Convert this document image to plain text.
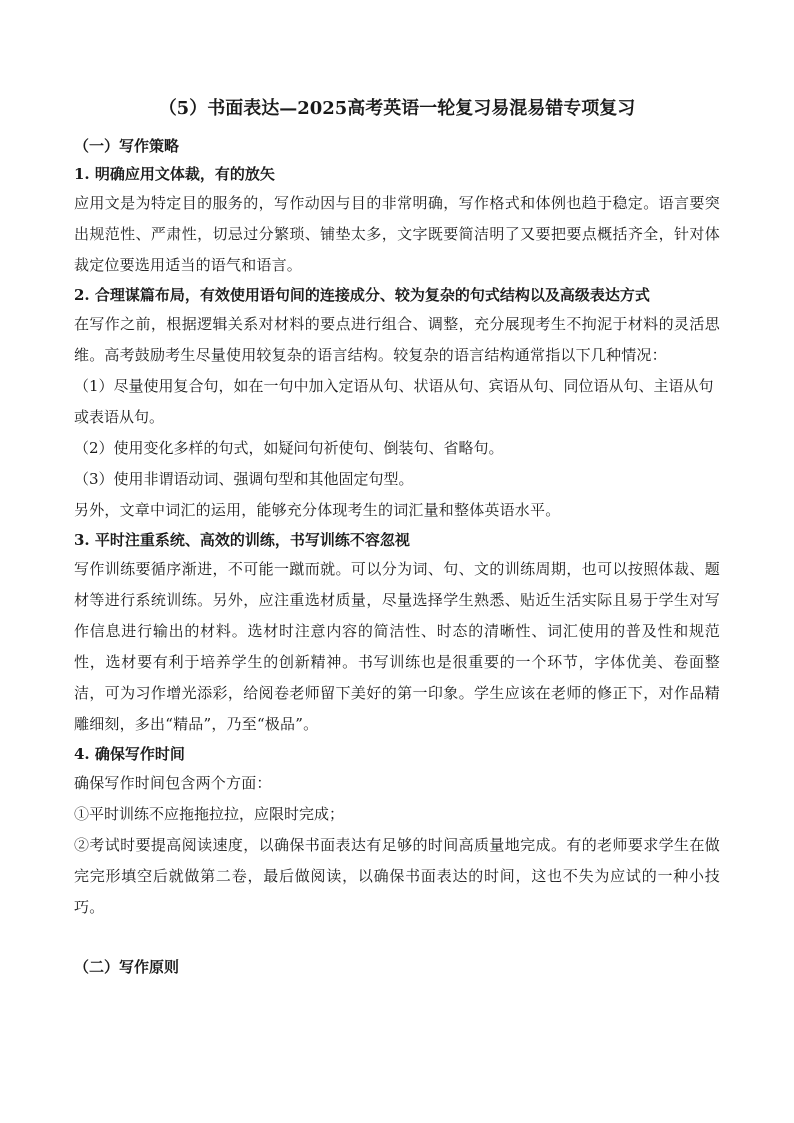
（5）书面表达—2025高考英语一轮复习易混易错专项复习

（一）写作策略

1. 明确应用文体裁，有的放矢

应用文是为特定目的服务的，写作动因与目的非常明确，写作格式和体例也趋于稳定。语言要突出规范性、严肃性，切忌过分繁琐、铺垫太多，文字既要简洁明了又要把要点概括齐全，针对体裁定位要选用适当的语气和语言。

2. 合理谋篇布局，有效使用语句间的连接成分、较为复杂的句式结构以及高级表达方式

在写作之前，根据逻辑关系对材料的要点进行组合、调整，充分展现考生不拘泥于材料的灵活思维。高考鼓励考生尽量使用较复杂的语言结构。较复杂的语言结构通常指以下几种情况：

（1）尽量使用复合句，如在一句中加入定语从句、状语从句、宾语从句、同位语从句、主语从句或表语从句。

（2）使用变化多样的句式，如疑问句祈使句、倒装句、省略句。

（3）使用非谓语动词、强调句型和其他固定句型。

另外，文章中词汇的运用，能够充分体现考生的词汇量和整体英语水平。

3. 平时注重系统、高效的训练，书写训练不容忽视

写作训练要循序渐进，不可能一蹴而就。可以分为词、句、文的训练周期，也可以按照体裁、题材等进行系统训练。另外，应注重选材质量，尽量选择学生熟悉、贴近生活实际且易于学生对写作信息进行输出的材料。选材时注意内容的简洁性、时态的清晰性、词汇使用的普及性和规范性，选材要有利于培养学生的创新精神。书写训练也是很重要的一个环节，字体优美、卷面整洁，可为习作增光添彩，给阅卷老师留下美好的第一印象。学生应该在老师的修正下，对作品精雕细刻，多出“精品”，乃至“极品”。

4. 确保写作时间

确保写作时间包含两个方面：

①平时训练不应拖拖拉拉，应限时完成；

②考试时要提高阅读速度，以确保书面表达有足够的时间高质量地完成。有的老师要求学生在做完完形填空后就做第二卷，最后做阅读，以确保书面表达的时间，这也不失为应试的一种小技巧。

（二）写作原则
